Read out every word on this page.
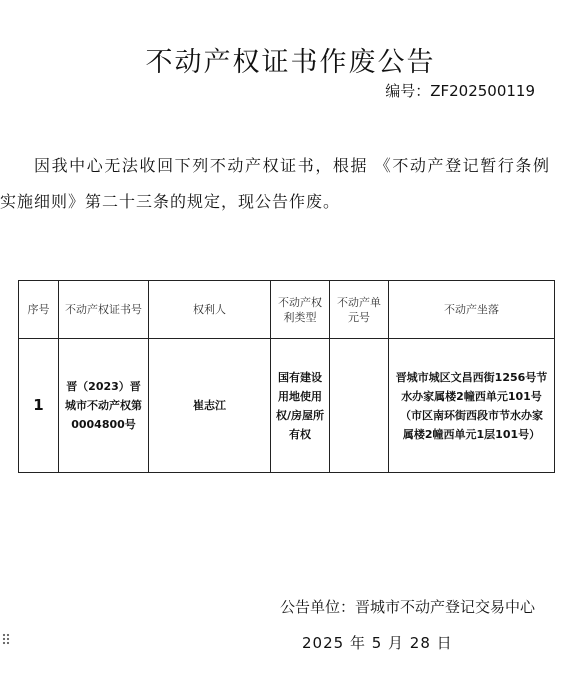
不动产权证书作废公告
编号：ZF202500119

因我中心无法收回下列不动产权证书，根据 《不动产登记暂行条例实施细则》第二十三条的规定，现公告作废。

序号	不动产权证书号	权利人	不动产权利类型	不动产单元号	不动产坐落
1	晋（2023）晋城市不动产权第0004800号	崔志江	国有建设用地使用权/房屋所有权		晋城市城区文昌西街1256号节水办家属楼2幢西单元101号（市区南环街西段市节水办家属楼2幢西单元1层101号）
公告单位：晋城市不动产登记交易中心
2025 年 5 月 28 日
